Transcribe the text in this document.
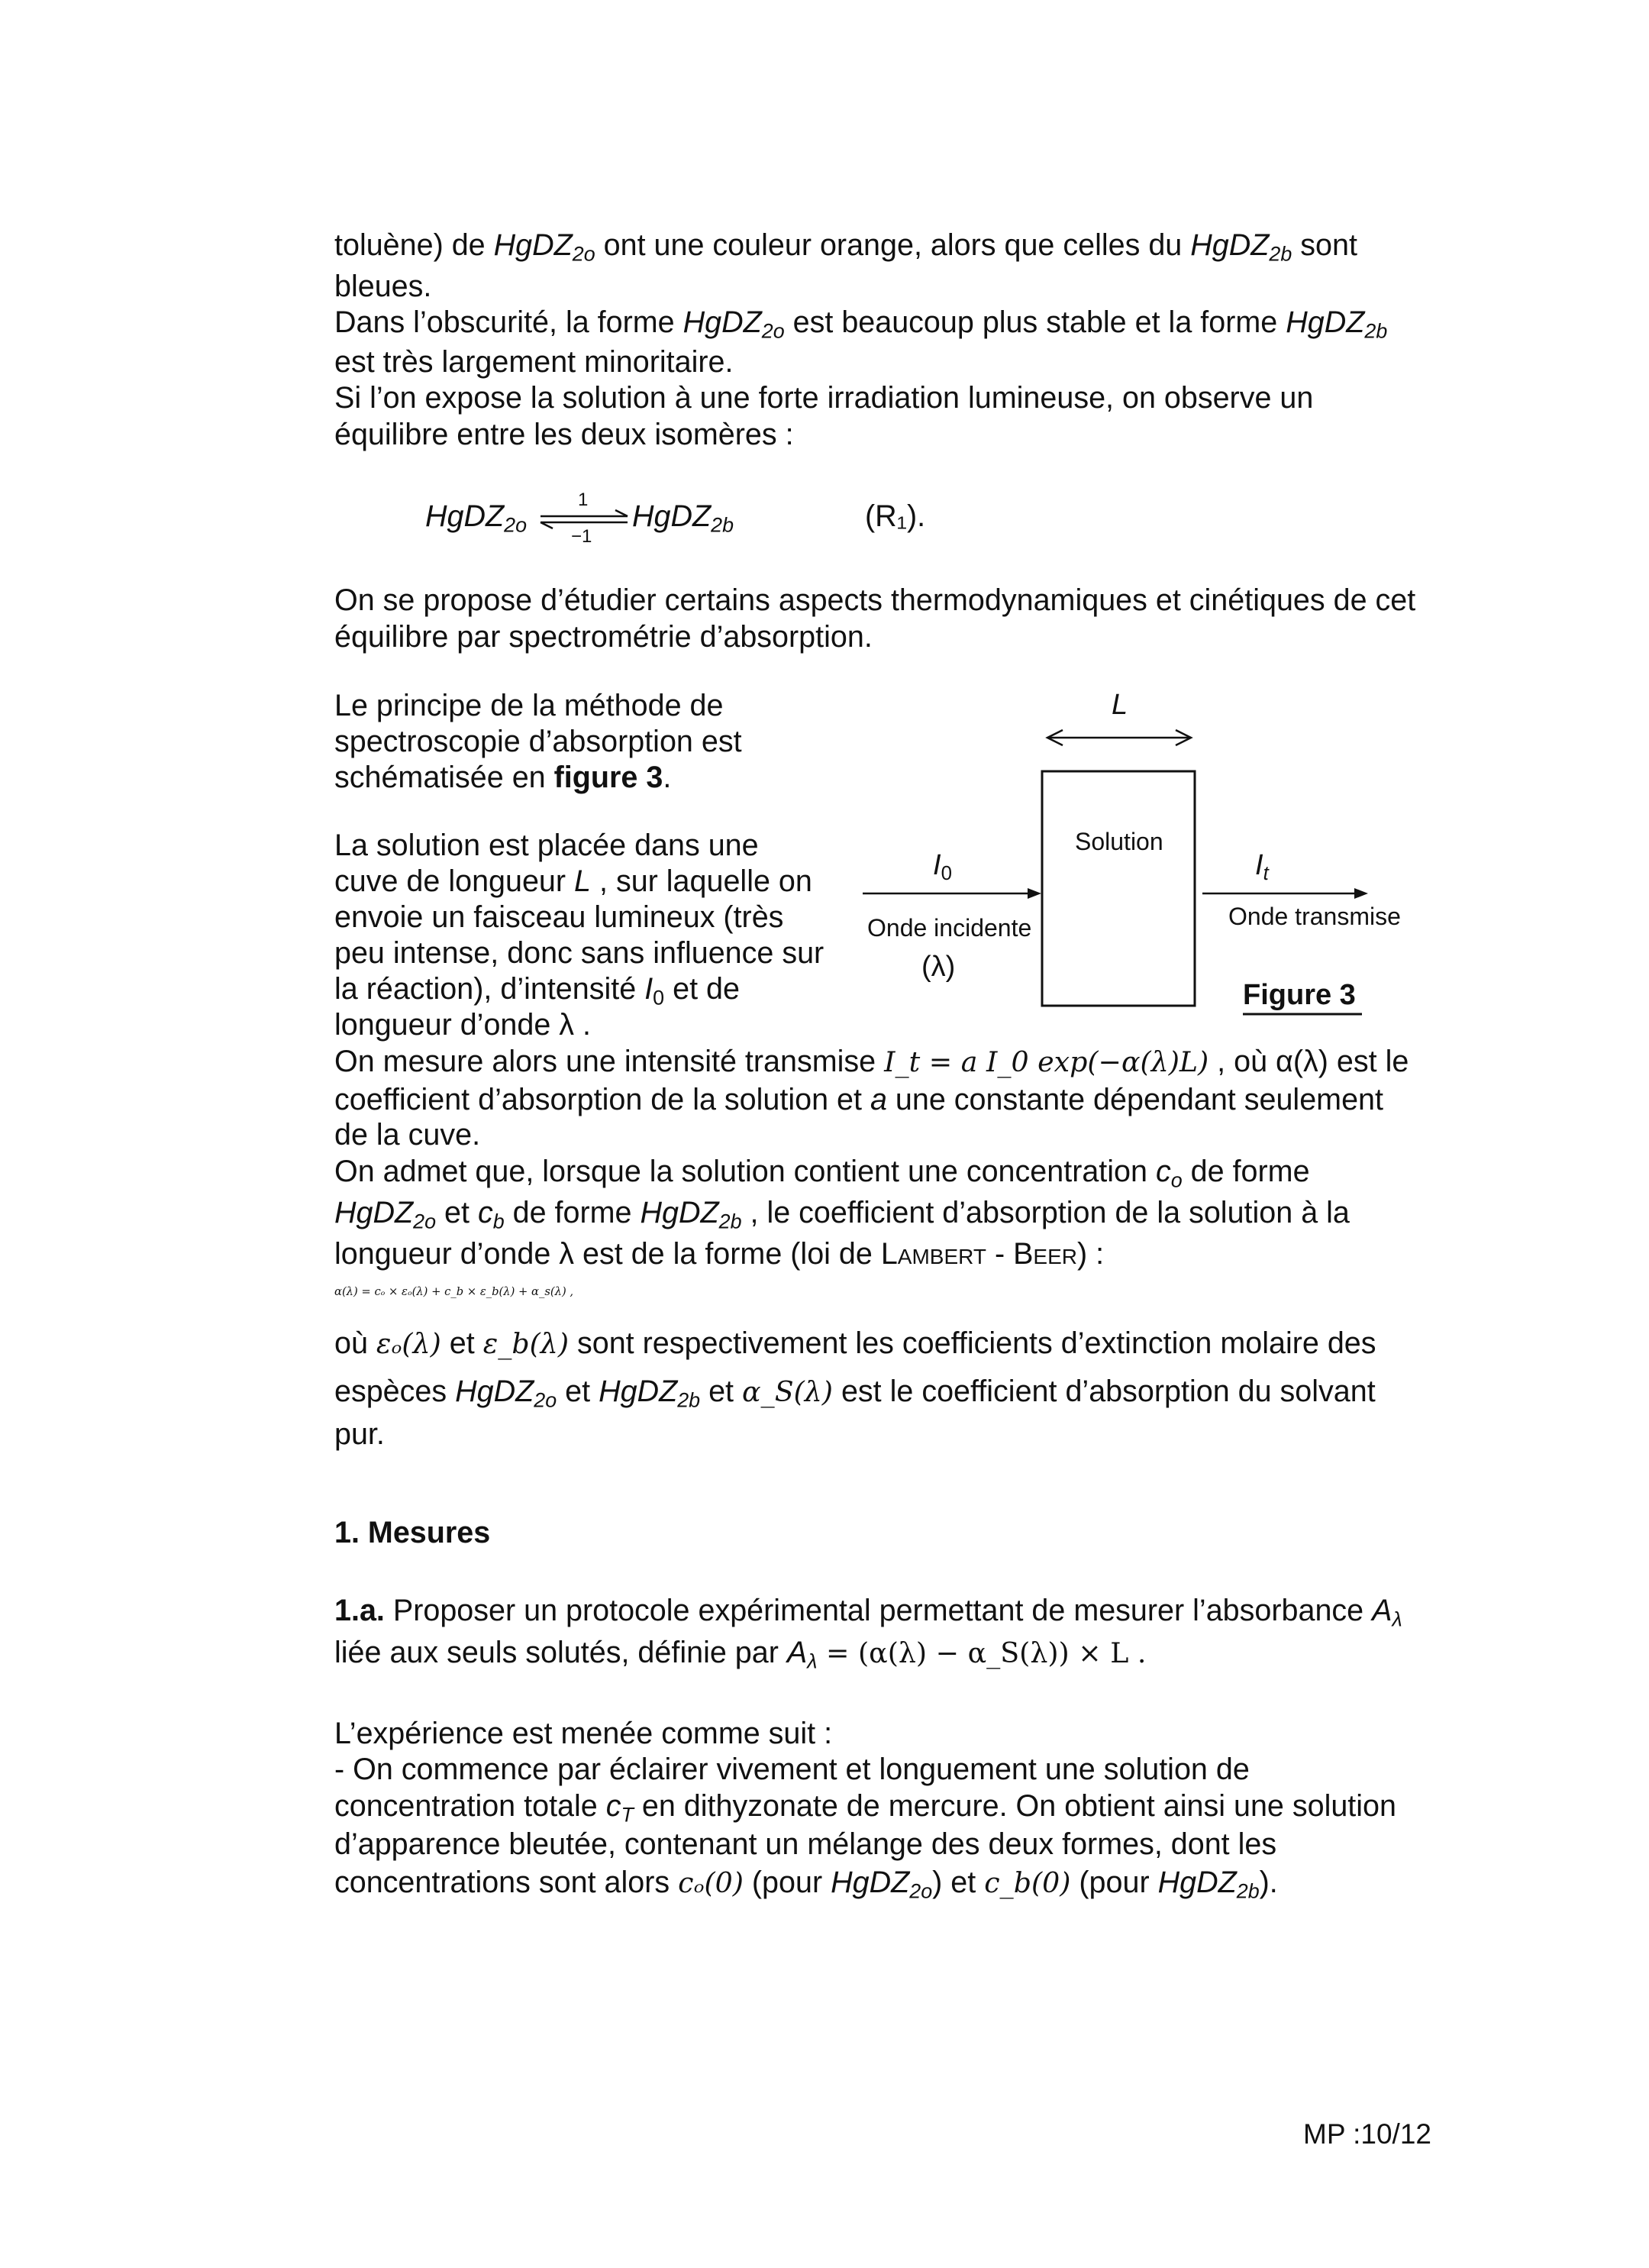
toluène) de HgDZ$_{2o}$ ont une couleur orange, alors que celles du HgDZ$_{2b}$ sont
bleues.
Dans l’obscurité, la forme HgDZ$_{2o}$ est beaucoup plus stable et la forme HgDZ$_{2b}$
est très largement minoritaire.
Si l’on expose la solution à une forte irradiation lumineuse, on observe un
équilibre entre les deux isomères :
HgDZ$_{2o}$	HgDZ$_{2b}$
1
−1
(R₁).
On se propose d’étudier certains aspects thermodynamiques et cinétiques de cet
équilibre par spectrométrie d’absorption.
Le principe de la méthode de
spectroscopie d’absorption est
schématisée en figure 3.
La solution est placée dans une
cuve de longueur L , sur laquelle on
envoie un faisceau lumineux (très
peu intense, donc sans influence sur
la réaction), d’intensité $I_0$ et de
longueur d’onde λ .
L
Solution
$I_0$
Onde incidente
(λ)
$I_t$
Onde transmise
Figure 3
On mesure alors une intensité transmise I_t = a I_0 exp(−α(λ)L) , où α(λ) est le
coefficient d’absorption de la solution et a une constante dépendant seulement
de la cuve.
On admet que, lorsque la solution contient une concentration $c_o$ de forme
HgDZ$_{2o}$ et $c_b$ de forme HgDZ$_{2b}$ , le coefficient d’absorption de la solution à la
longueur d’onde λ est de la forme (loi de Lambert - Beer) :
α(λ) = cₒ × εₒ(λ) + c_b × ε_b(λ) + α_s(λ) ,
où εₒ(λ) et ε_b(λ) sont respectivement les coefficients d’extinction molaire des
espèces HgDZ$_{2o}$ et HgDZ$_{2b}$ et α_S(λ) est le coefficient d’absorption du solvant
pur.
1. Mesures
1.a. Proposer un protocole expérimental permettant de mesurer l’absorbance $A_\lambda$
liée aux seuls solutés, définie par $A_\lambda = (\alpha(\lambda)$ − α_S(λ)) × L .
L’expérience est menée comme suit :
- On commence par éclairer vivement et longuement une solution de
concentration totale $c_T$ en dithyzonate de mercure. On obtient ainsi une solution
d’apparence bleutée, contenant un mélange des deux formes, dont les
concentrations sont alors cₒ(0) (pour HgDZ$_{2o}$) et c_b(0) (pour HgDZ$_{2b}$).
MP :10/12
